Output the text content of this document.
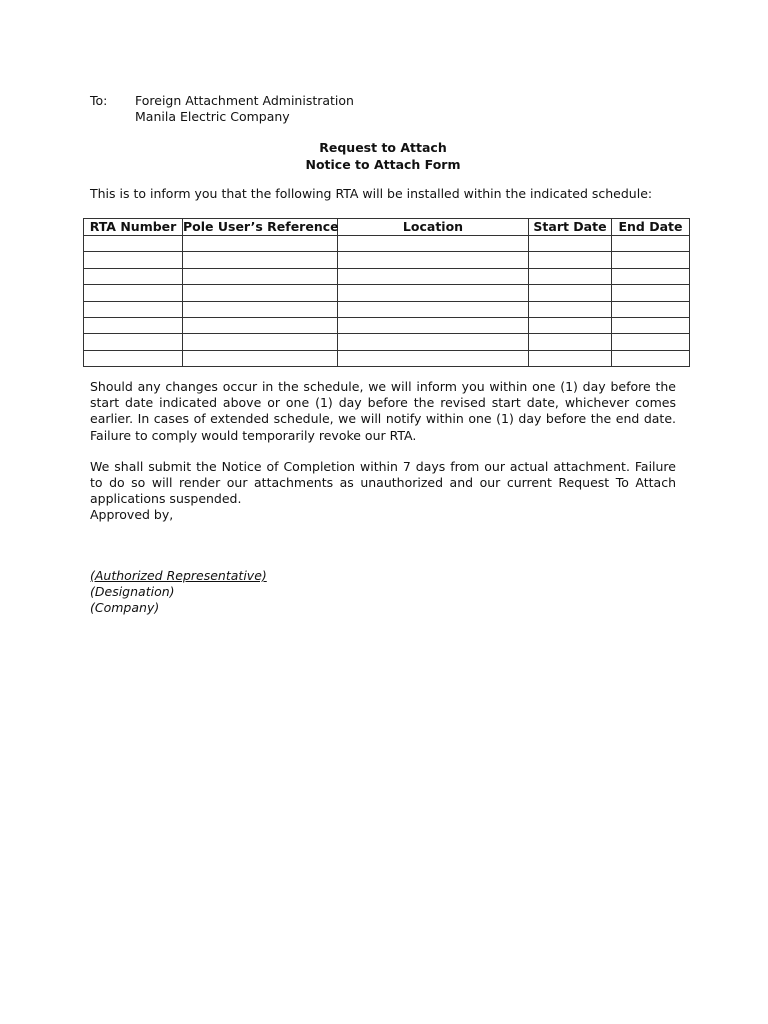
To:	Foreign Attachment Administration
Manila Electric Company
Request to Attach
Notice to Attach Form
This is to inform you that the following RTA will be installed within the indicated schedule:
RTA Number	Pole User’s Reference	Location	Start Date	End Date

Should any changes occur in the schedule, we will inform you within one (1) day before the start date indicated above or one (1) day before the revised start date, whichever comes earlier. In cases of extended schedule, we will notify within one (1) day before the end date. Failure to comply would temporarily revoke our RTA.
We shall submit the Notice of Completion within 7 days from our actual attachment. Failure to do so will render our attachments as unauthorized and our current Request To Attach applications suspended.
Approved by,
(Authorized Representative)
(Designation)
(Company)
